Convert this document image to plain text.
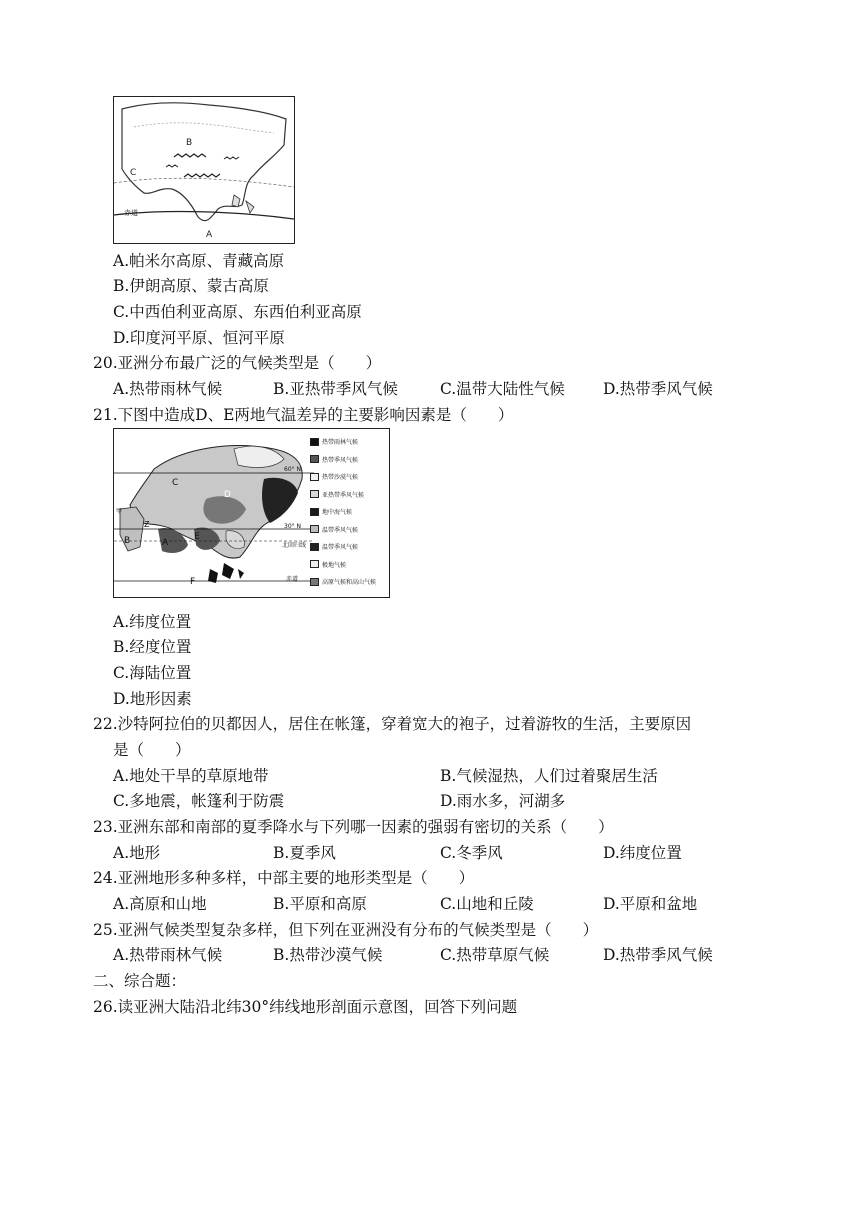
B
C
A
赤道
A.帕米尔高原、青藏高原
B.伊朗高原、蒙古高原
C.中西伯利亚高原、东西伯利亚高原
D.印度河平原、恒河平原
20.亚洲分布最广泛的气候类型是（　　）
A.热带雨林气候	B.亚热带季风气候	C.温带大陆性气候 D.热带季风气候
21.下图中造成D、E两地气温差异的主要影响因素是（　　）
60° N
30° N
北回归线
赤道
C
D
B	A
E
F
Z
甲
热带雨林气候
热带季风气候
热带沙漠气候
亚热带季风气候
地中海气候
温带季风气候
温带季风气候
极地气候
高原气候和高山气候
A.纬度位置
B.经度位置
C.海陆位置
D.地形因素
22.沙特阿拉伯的贝都因人，居住在帐篷，穿着宽大的袍子，过着游牧的生活，主要原因
是（　　）
A.地处干旱的草原地带	B.气候湿热，人们过着聚居生活
C.多地震，帐篷利于防震	D.雨水多，河湖多
23.亚洲东部和南部的夏季降水与下列哪一因素的强弱有密切的关系（　　）
A.地形	B.夏季风	C.冬季风	D.纬度位置
24.亚洲地形多种多样，中部主要的地形类型是（　　）
A.高原和山地	B.平原和高原	C.山地和丘陵	D.平原和盆地
25.亚洲气候类型复杂多样，但下列在亚洲没有分布的气候类型是（　　）
A.热带雨林气候	B.热带沙漠气候	C.热带草原气候	D.热带季风气候
二、综合题：
26.读亚洲大陆沿北纬30°纬线地形剖面示意图，回答下列问题
